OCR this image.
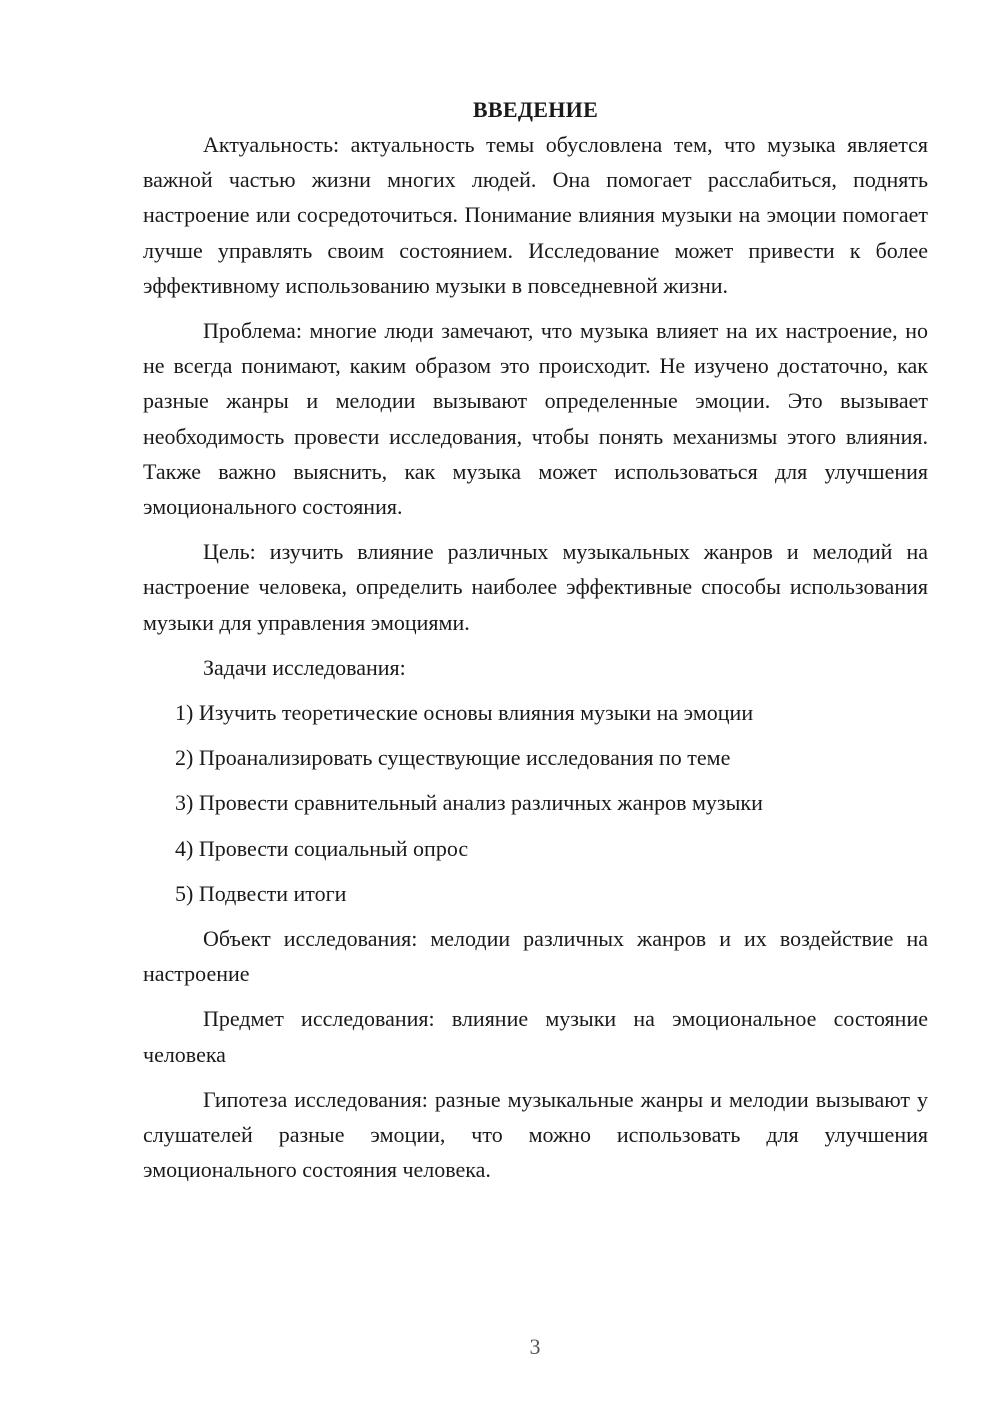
ВВЕДЕНИЕ

Актуальность: актуальность темы обусловлена тем, что музыка является важной частью жизни многих людей. Она помогает расслабиться, поднять настроение или сосредоточиться. Понимание влияния музыки на эмоции помогает лучше управлять своим состоянием. Исследование может привести к более эффективному использованию музыки в повседневной жизни.

Проблема: многие люди замечают, что музыка влияет на их настроение, но не всегда понимают, каким образом это происходит. Не изучено достаточно, как разные жанры и мелодии вызывают определенные эмоции. Это вызывает необходимость провести исследования, чтобы понять механизмы этого влияния. Также важно выяснить, как музыка может использоваться для улучшения эмоционального состояния.

Цель: изучить влияние различных музыкальных жанров и мелодий на настроение человека, определить наиболее эффективные способы использования музыки для управления эмоциями.

Задачи исследования:
1) Изучить теоретические основы влияния музыки на эмоции
2) Проанализировать существующие исследования по теме
3) Провести сравнительный анализ различных жанров музыки
4) Провести социальный опрос
5) Подвести итоги

Объект исследования: мелодии различных жанров и их воздействие на настроение

Предмет исследования: влияние музыки на эмоциональное состояние человека

Гипотеза исследования: разные музыкальные жанры и мелодии вызывают у слушателей разные эмоции, что можно использовать для улучшения эмоционального состояния человека.

3
